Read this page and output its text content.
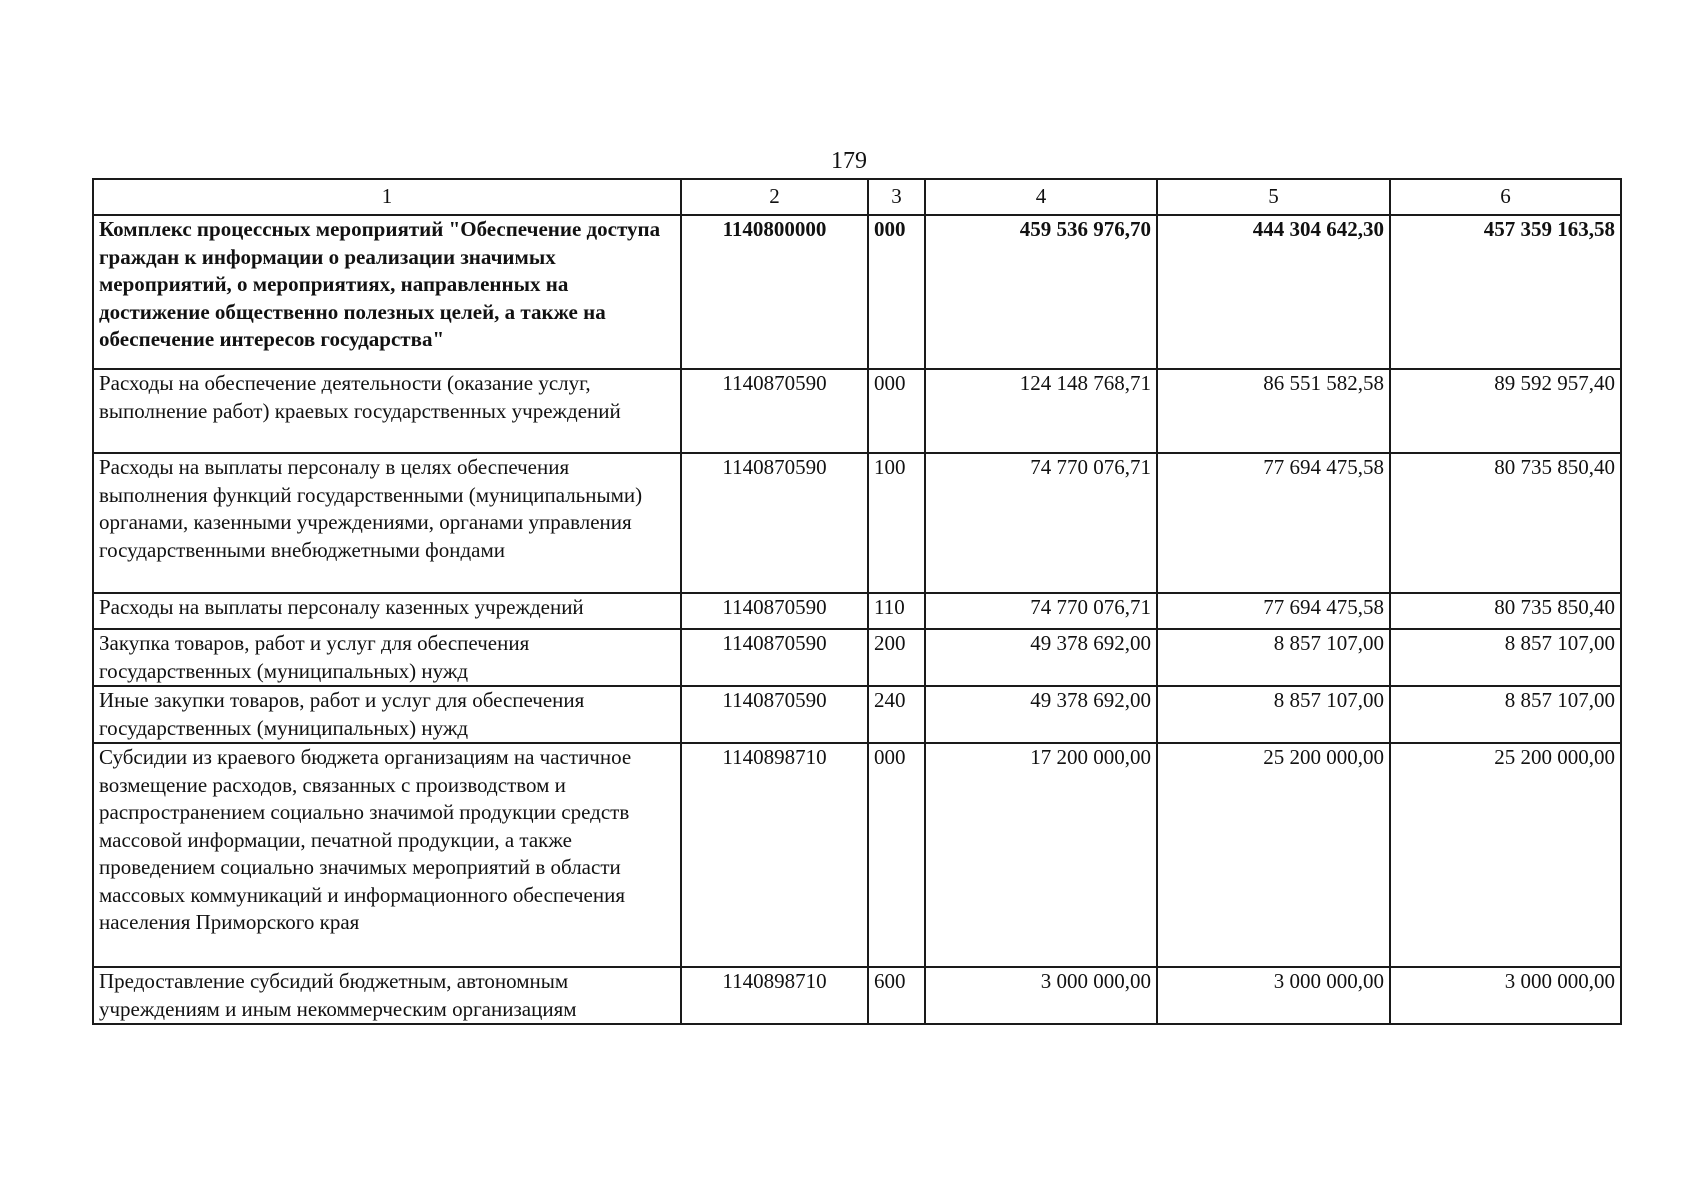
179
1	2	3	4	5	6
Комплекс процессных мероприятий "Обеспечение доступа граждан к информации о реализации значимых мероприятий, о мероприятиях, направленных на достижение общественно полезных целей, а также на обеспечение интересов государства"	1140800000	000	459 536 976,70	444 304 642,30	457 359 163,58
Расходы на обеспечение деятельности (оказание услуг, выполнение работ) краевых государственных учреждений	1140870590	000	124 148 768,71	86 551 582,58	89 592 957,40
Расходы на выплаты персоналу в целях обеспечения выполнения функций государственными (муниципальными) органами, казенными учреждениями, органами управления государственными внебюджетными фондами	1140870590	100	74 770 076,71	77 694 475,58	80 735 850,40
Расходы на выплаты персоналу казенных учреждений	1140870590	110	74 770 076,71	77 694 475,58	80 735 850,40
Закупка товаров, работ и услуг для обеспечения государственных (муниципальных) нужд	1140870590	200	49 378 692,00	8 857 107,00	8 857 107,00
Иные закупки товаров, работ и услуг для обеспечения государственных (муниципальных) нужд	1140870590	240	49 378 692,00	8 857 107,00	8 857 107,00
Субсидии из краевого бюджета организациям на частичное возмещение расходов, связанных с производством и распространением социально значимой продукции средств массовой информации, печатной продукции, а также проведением социально значимых мероприятий в области массовых коммуникаций и информационного обеспечения населения Приморского края	1140898710	000	17 200 000,00	25 200 000,00	25 200 000,00
Предоставление субсидий бюджетным, автономным учреждениям и иным некоммерческим организациям	1140898710	600	3 000 000,00	3 000 000,00	3 000 000,00
